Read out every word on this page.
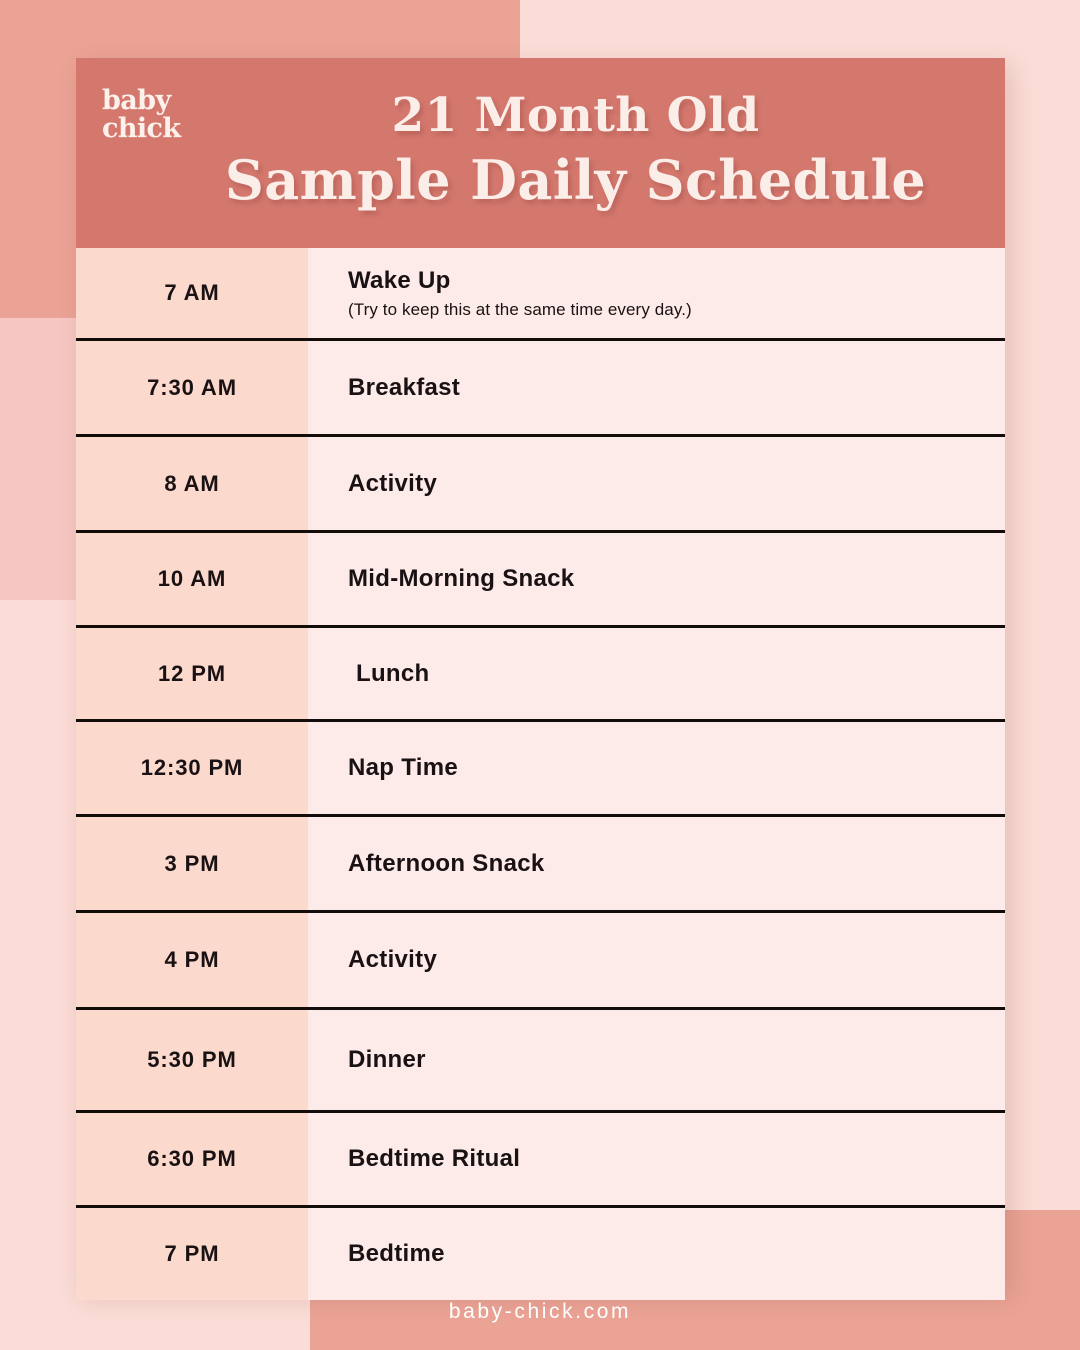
baby
chick	21 Month Old
Sample Daily Schedule
7 AM	Wake Up
(Try to keep this at the same time every day.)
7:30 AM	Breakfast
8 AM	Activity
10 AM	Mid-Morning Snack
12 PM	Lunch
12:30 PM	Nap Time
3 PM	Afternoon Snack
4 PM	Activity
5:30 PM	Dinner
6:30 PM	Bedtime Ritual
7 PM	Bedtime
baby-chick.com
